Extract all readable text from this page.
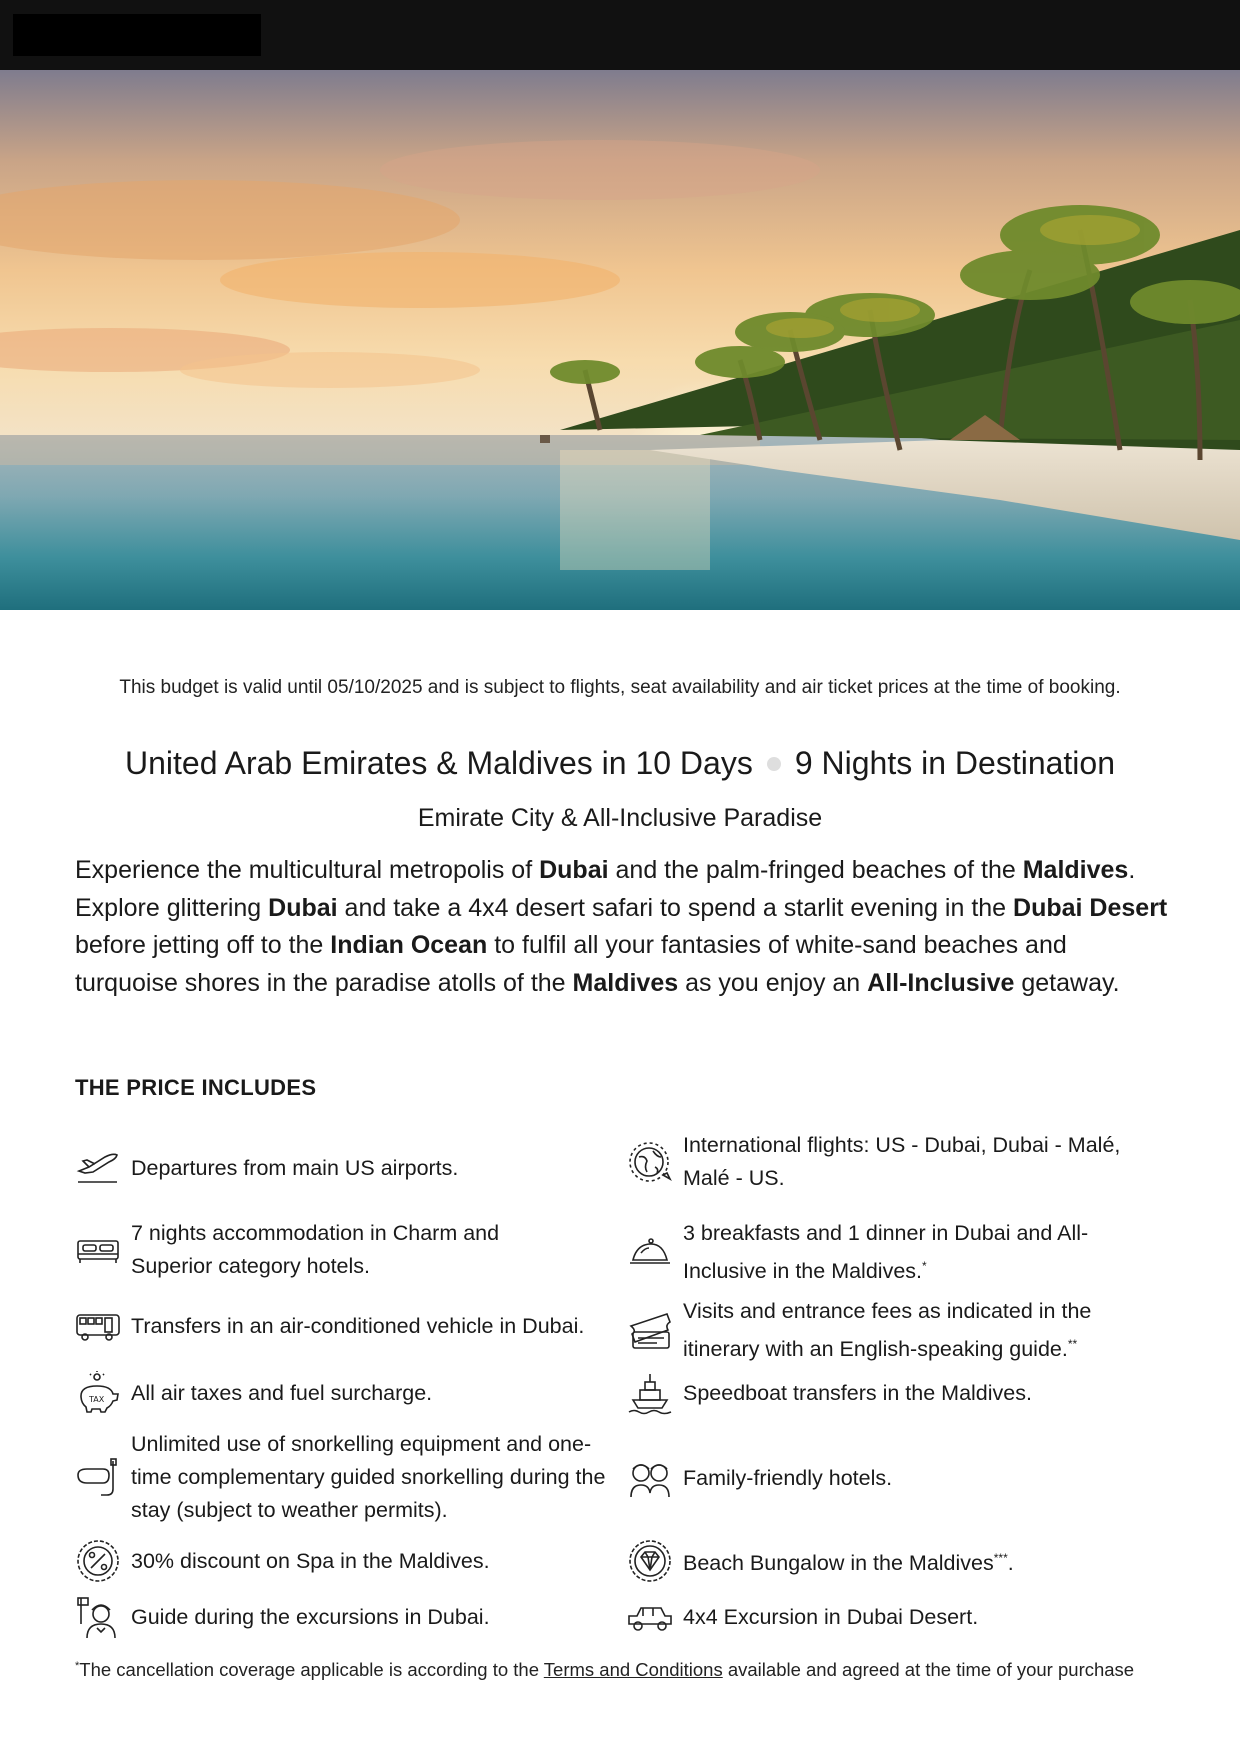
This budget is valid until 05/10/2025 and is subject to flights, seat availability and air ticket prices at the time of booking.
United Arab Emirates & Maldives in 10 Days 9 Nights in Destination
Emirate City & All-Inclusive Paradise
Experience the multicultural metropolis of Dubai and the palm-fringed beaches of the Maldives. Explore glittering Dubai and take a 4x4 desert safari to spend a starlit evening in the Dubai Desert before jetting off to the Indian Ocean to fulfil all your fantasies of white-sand beaches and turquoise shores in the paradise atolls of the Maldives as you enjoy an All-Inclusive getaway.
THE PRICE INCLUDES
Departures from main US airports.
International flights: US - Dubai, Dubai - Malé, Malé - US.
7 nights accommodation in Charm and Superior category hotels.
3 breakfasts and 1 dinner in Dubai and All-Inclusive in the Maldives.*
Transfers in an air-conditioned vehicle in Dubai.
Visits and entrance fees as indicated in the itinerary with an English-speaking guide.**
TAX All air taxes and fuel surcharge.	Speedboat transfers in the Maldives.
Unlimited use of snorkelling equipment and one-time complementary guided snorkelling during the stay (subject to weather permits).
Family-friendly hotels.
30% discount on Spa in the Maldives.	Beach Bungalow in the Maldives***.
Guide during the excursions in Dubai.	4x4 Excursion in Dubai Desert.
*The cancellation coverage applicable is according to the Terms and Conditions available and agreed at the time of your purchase
